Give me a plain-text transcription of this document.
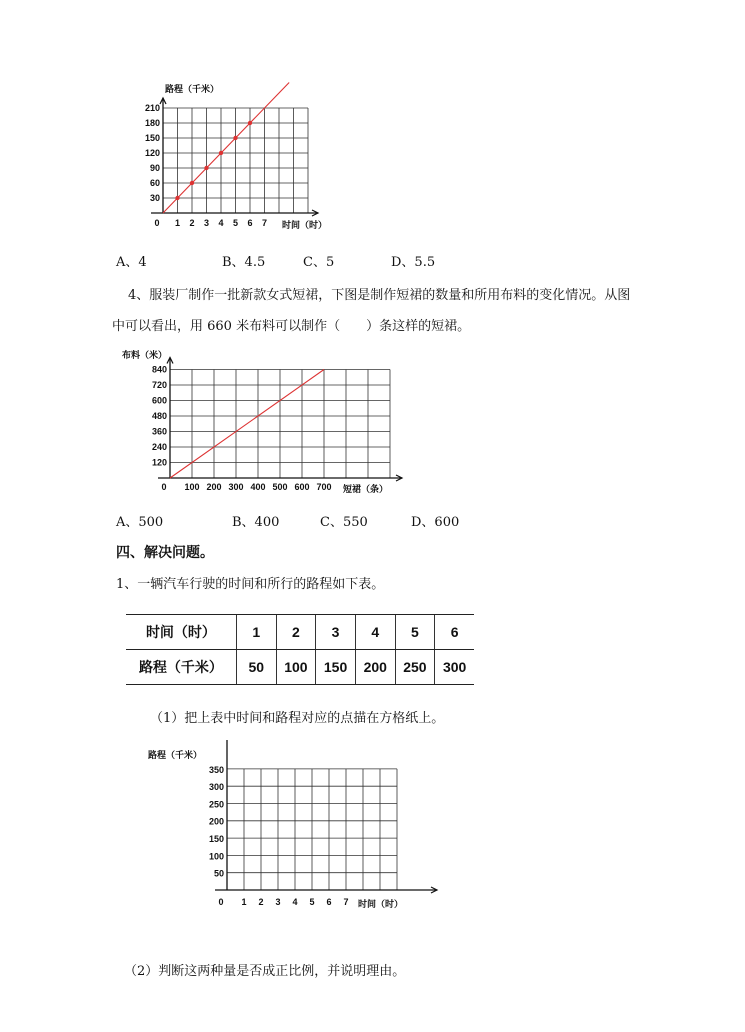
30
60
90
120
150
180
210
0 1 2 3 4 5 6 7
路程（千米）
时间（时）
A、4	B、4.5	C、5	D、5.5
4、服装厂制作一批新款女式短裙，下图是制作短裙的数量和所用布料的变化情况。从图
中可以看出，用 660 米布料可以制作（　　）条这样的短裙。
120
240
360
480
600
720
840
0 100 200 300 400 500 600 700
布料（米）
短裙（条）
A、500	B、400	C、550	D、600
四、解决问题。
1、一辆汽车行驶的时间和所行的路程如下表。
时间（时）	1	2	3	4	5	6
路程（千米）	50	100	150	200	250	300
（1）把上表中时间和路程对应的点描在方格纸上。
50
100
150
200
250
300
350
0 1 2 3 4 5 6 7
路程（千米）
时间（时）
（2）判断这两种量是否成正比例，并说明理由。
